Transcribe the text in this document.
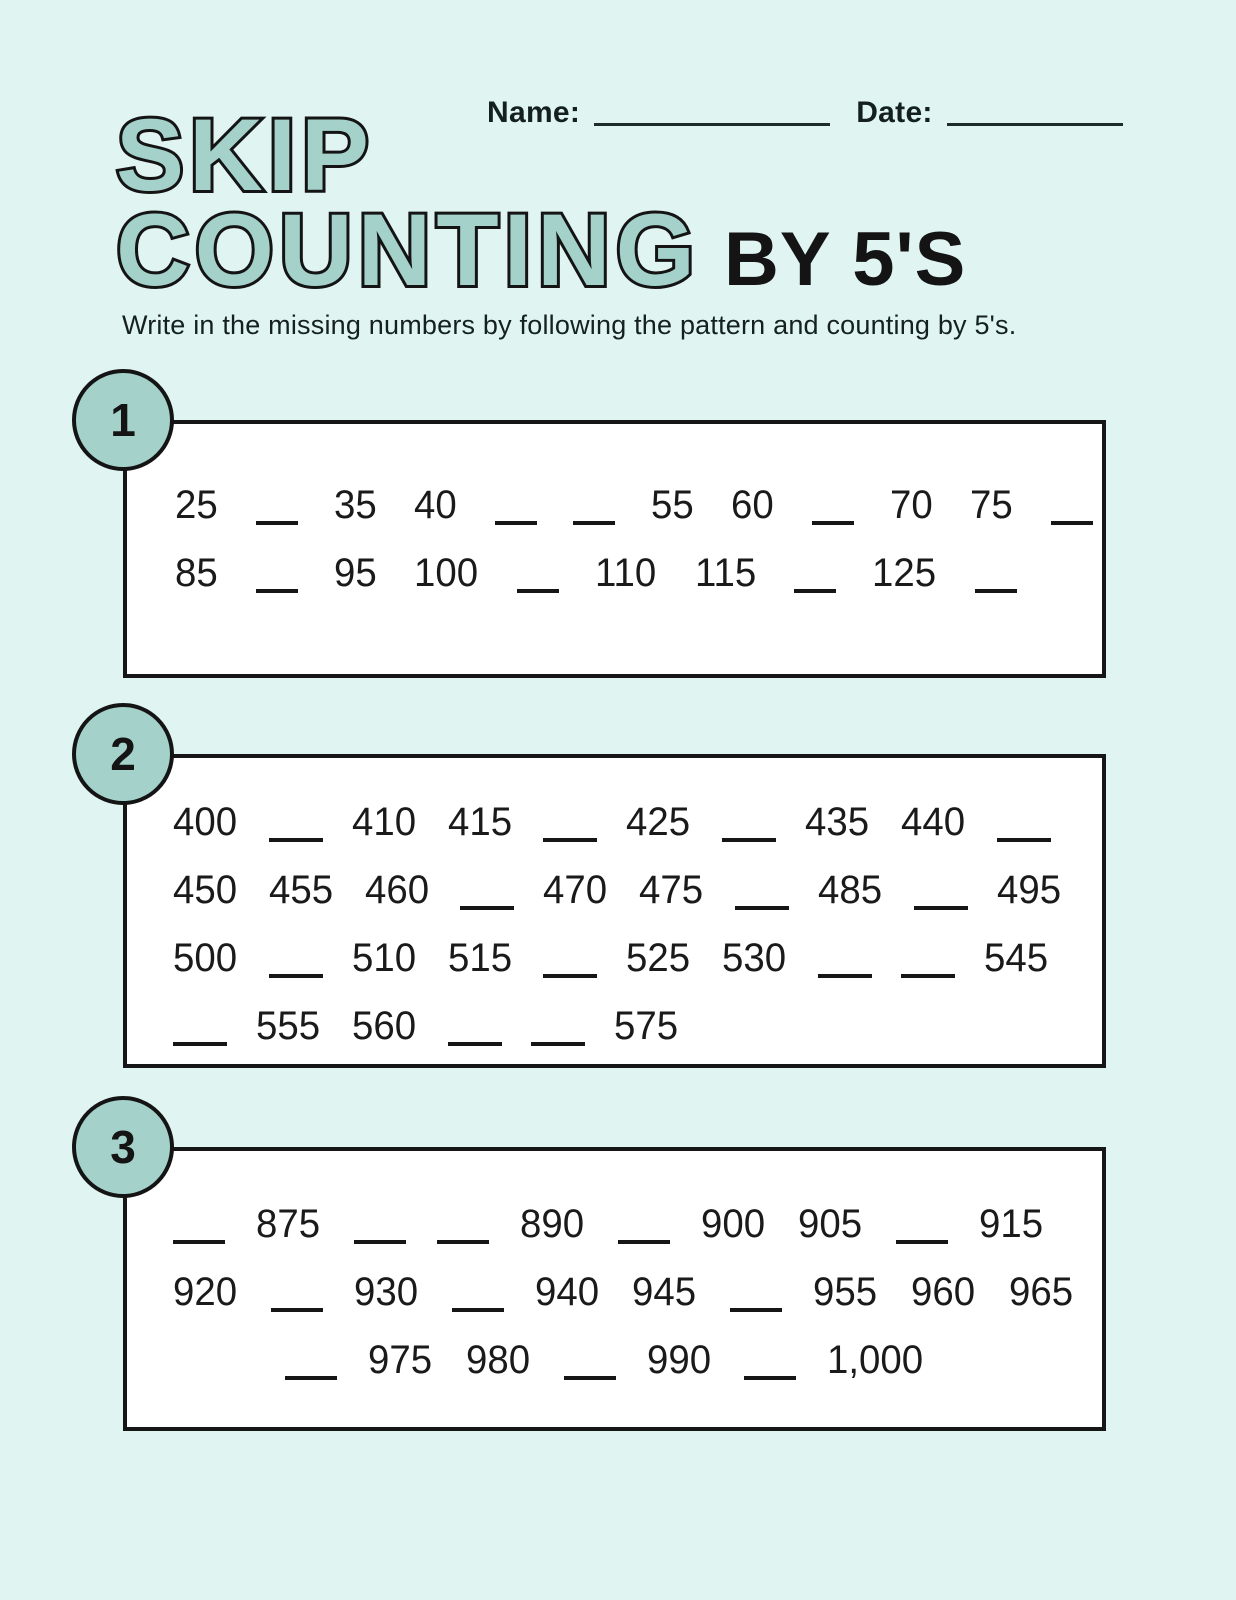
Name:	Date:
SKIP
COUNTING BY 5'S

Write in the missing numbers by following the pattern and counting by 5's.

1
25	35 40	55 60	70 75
85	95 100	110 115	125
2
400	410 415	425	435 440
450 455 460	470 475	485	495
500	510 515	525 530	545
555 560	575
3
875	890	900 905	915
920	930	940 945	955 960 965
975 980	990	1,000
